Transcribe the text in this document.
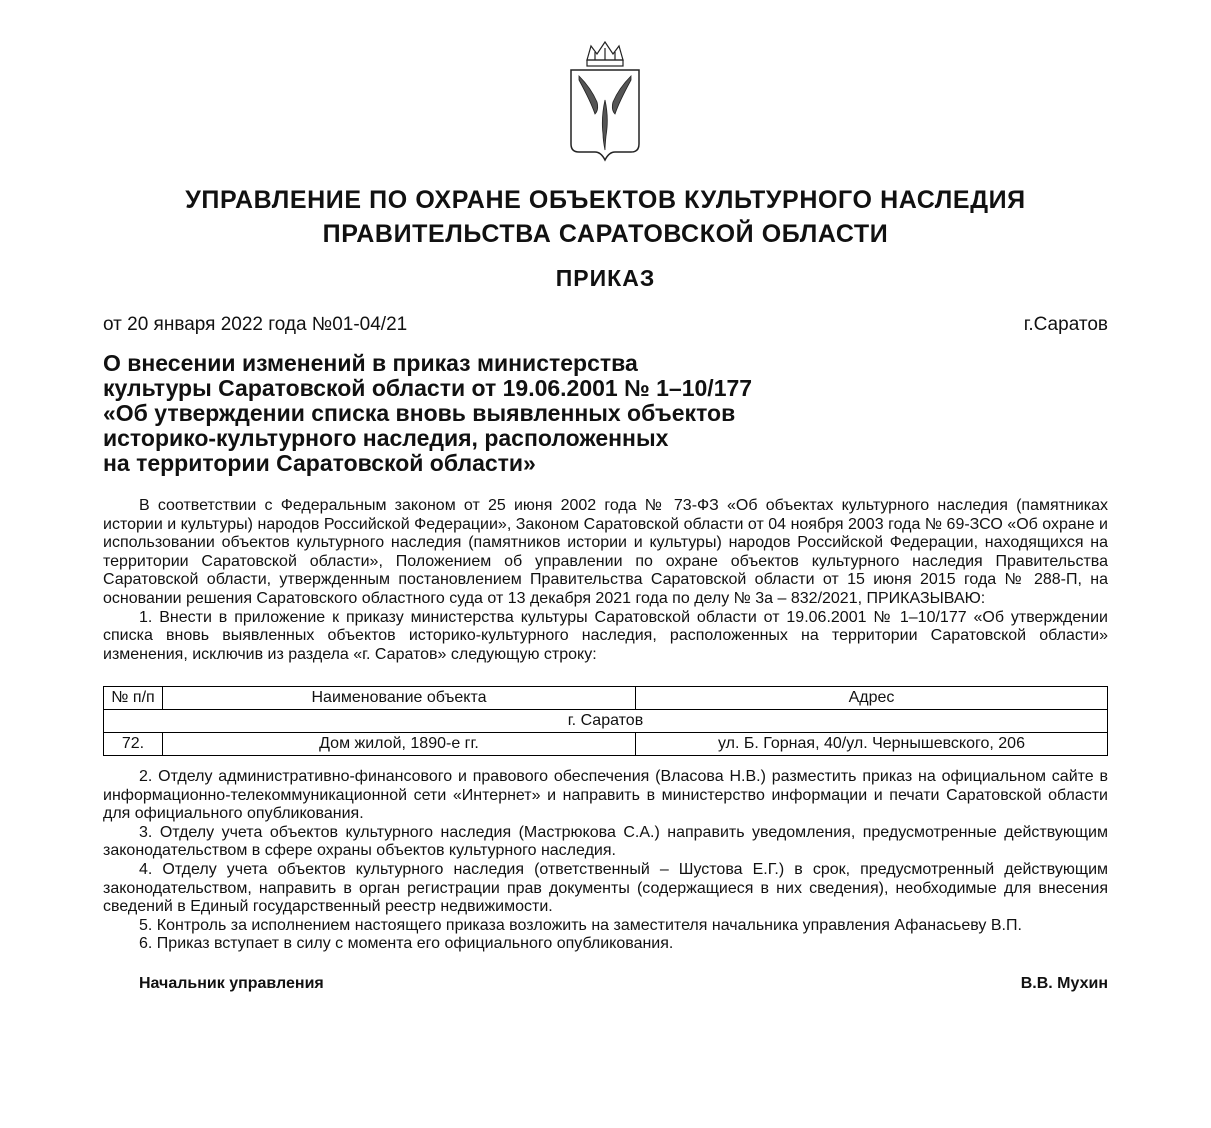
УПРАВЛЕНИЕ ПО ОХРАНЕ ОБЪЕКТОВ КУЛЬТУРНОГО НАСЛЕДИЯ
ПРАВИТЕЛЬСТВА САРАТОВСКОЙ ОБЛАСТИ
ПРИКАЗ
от 20 января 2022 года №01-04/21	г.Саратов
О внесении изменений в приказ министерства
культуры Саратовской области от 19.06.2001 № 1–10/177
«Об утверждении списка вновь выявленных объектов
историко-культурного наследия, расположенных
на территории Саратовской области»

В соответствии с Федеральным законом от 25 июня 2002 года № 73-ФЗ «Об объектах культурного наследия (памятниках истории и культуры) народов Российской Федерации», Законом Саратовской области от 04 ноября 2003 года № 69-ЗСО «Об охране и использовании объектов культурного наследия (памятников истории и культуры) народов Российской Федерации, находящихся на территории Саратовской области», Положением об управлении по охране объектов культурного наследия Правительства Саратовской области, утвержденным постановлением Правительства Саратовской области от 15 июня 2015 года № 288-П, на основании решения Саратовского областного суда от 13 декабря 2021 года по делу № 3а – 832/2021, ПРИКАЗЫВАЮ:

1. Внести в приложение к приказу министерства культуры Саратовской области от 19.06.2001 № 1–10/177 «Об утверждении списка вновь выявленных объектов историко-культурного наследия, расположенных на территории Саратовской области» изменения, исключив из раздела «г. Саратов» следующую строку:

№ п/п	Наименование объекта	Адрес
г. Саратов		
72.	Дом жилой, 1890-е гг.	ул. Б. Горная, 40/ул. Чернышевского, 206

2. Отделу административно-финансового и правового обеспечения (Власова Н.В.) разместить приказ на официальном сайте в информационно-телекоммуникационной сети «Интернет» и направить в министерство информации и печати Саратовской области для официального опубликования.

3. Отделу учета объектов культурного наследия (Мастрюкова С.А.) направить уведомления, предусмотренные действующим законодательством в сфере охраны объектов культурного наследия.

4. Отделу учета объектов культурного наследия (ответственный – Шустова Е.Г.) в срок, предусмотренный действующим законодательством, направить в орган регистрации прав документы (содержащиеся в них сведения), необходимые для внесения сведений в Единый государственный реестр недвижимости.

5. Контроль за исполнением настоящего приказа возложить на заместителя начальника управления Афанасьеву В.П.

6. Приказ вступает в силу с момента его официального опубликования.

Начальник управления	В.В. Мухин
